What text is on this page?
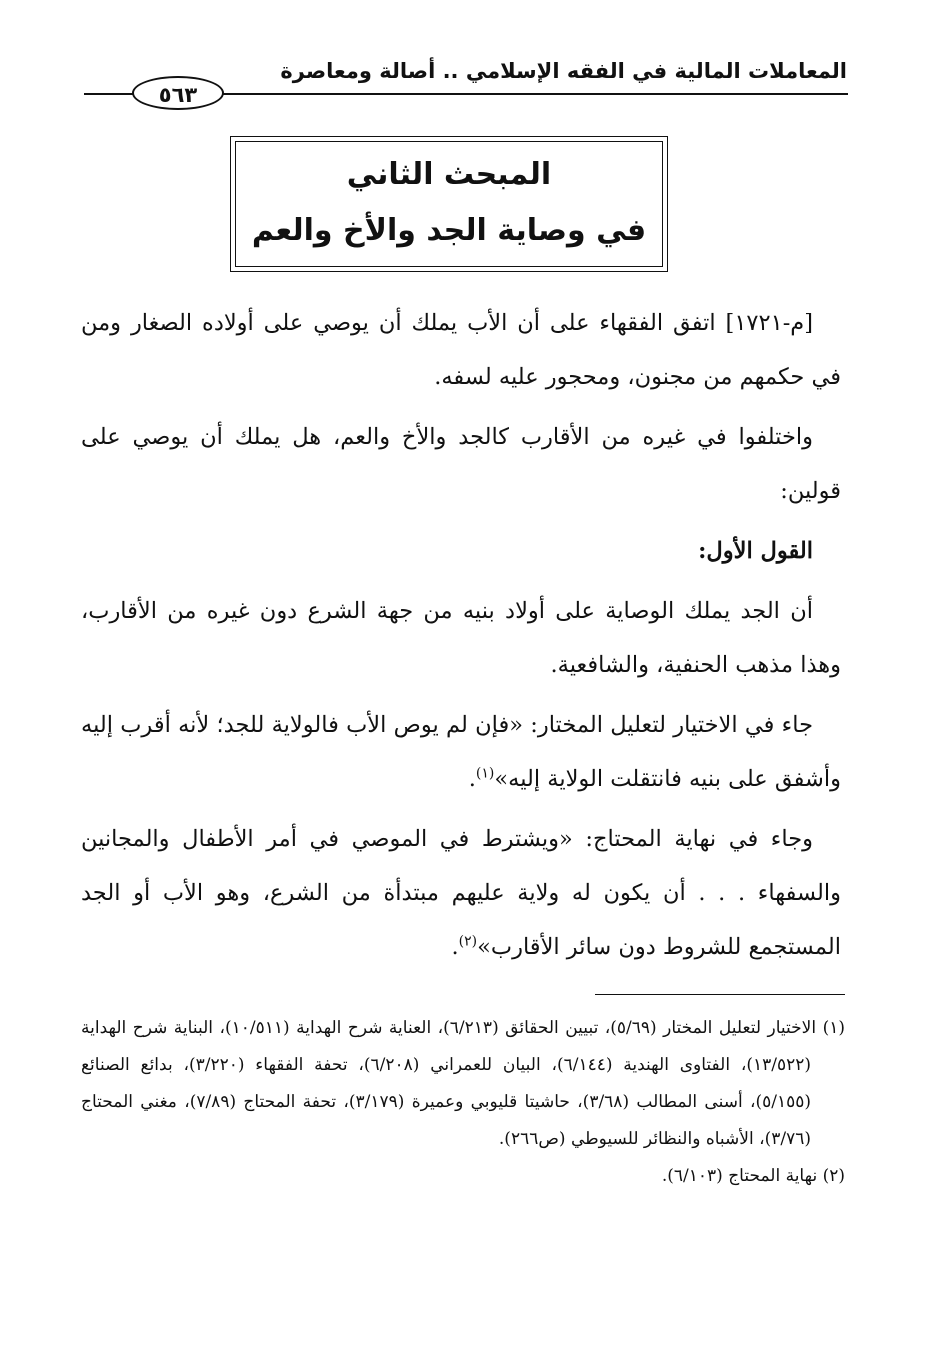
المعاملات المالية في الفقه الإسلامي .. أصالة ومعاصرة
٥٦٣
المبحث الثاني
في وصاية الجد والأخ والعم

[م-١٧٢١] اتفق الفقهاء على أن الأب يملك أن يوصي على أولاده الصغار ومن في حكمهم من مجنون، ومحجور عليه لسفه.

واختلفوا في غيره من الأقارب كالجد والأخ والعم، هل يملك أن يوصي على قولين:

القول الأول:

أن الجد يملك الوصاية على أولاد بنيه من جهة الشرع دون غيره من الأقارب، وهذا مذهب الحنفية، والشافعية.

جاء في الاختيار لتعليل المختار: «فإن لم يوص الأب فالولاية للجد؛ لأنه أقرب إليه وأشفق على بنيه فانتقلت الولاية إليه»$^{(١)}$.

وجاء في نهاية المحتاج: «ويشترط في الموصي في أمر الأطفال والمجانين والسفهاء . . . أن يكون له ولاية عليهم مبتدأة من الشرع، وهو الأب أو الجد المستجمع للشروط دون سائر الأقارب»$^{(٢)}$.

(١) الاختيار لتعليل المختار (٥/٦٩)، تبيين الحقائق (٦/٢١٣)، العناية شرح الهداية (١٠/٥١١)، البناية شرح الهداية (١٣/٥٢٢)، الفتاوى الهندية (٦/١٤٤)، البيان للعمراني (٦/٢٠٨)، تحفة الفقهاء (٣/٢٢٠)، بدائع الصنائع (٥/١٥٥)، أسنى المطالب (٣/٦٨)، حاشيتا قليوبي وعميرة (٣/١٧٩)، تحفة المحتاج (٧/٨٩)، مغني المحتاج (٣/٧٦)، الأشباه والنظائر للسيوطي (ص٢٦٦).

(٢) نهاية المحتاج (٦/١٠٣).
